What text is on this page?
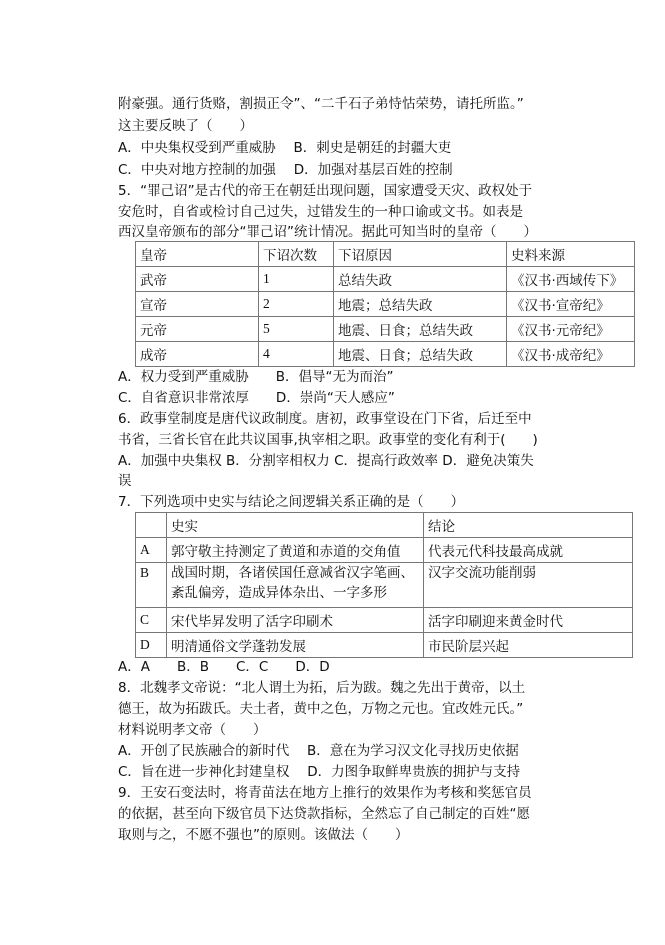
附豪强。通行货赂，割损正令”、“二千石子弟恃怙荣势，请托所监。”
这主要反映了（　　）
A．中央集权受到严重威胁　 B．刺史是朝廷的封疆大吏
C．中央对地方控制的加强　 D．加强对基层百姓的控制
5．“罪己诏”是古代的帝王在朝廷出现问题，国家遭受天灾、政权处于
安危时，自省或检讨自己过失，过错发生的一种口谕或文书。如表是
西汉皇帝颁布的部分“罪己诏”统计情况。据此可知当时的皇帝（　　）
皇帝	下诏次数	下诏原因	史料来源
武帝	1	总结失政	《汉书·西域传下》
宣帝	2	地震；总结失政	《汉书·宣帝纪》
元帝	5	地震、日食；总结失政	《汉书·元帝纪》
成帝	4	地震、日食；总结失政	《汉书·成帝纪》
A．权力受到严重威胁　　B．倡导“无为而治”
C．自省意识非常浓厚　　D．崇尚“天人感应”
6．政事堂制度是唐代议政制度。唐初，政事堂设在门下省，后迁至中
书省，三省长官在此共议国事,执宰相之职。政事堂的变化有利于(　　)
A．加强中央集权 B．分割宰相权力 C．提高行政效率 D．避免决策失
误
7．下列选项中史实与结论之间逻辑关系正确的是（　　）
	史实	结论
A	郭守敬主持测定了黄道和赤道的交角值	代表元代科技最高成就
B	战国时期，各诸侯国任意减省汉字笔画、紊乱偏旁，造成异体杂出、一字多形	汉字交流功能削弱
C	宋代毕昇发明了活字印刷术	活字印刷迎来黄金时代
D	明清通俗文学蓬勃发展	市民阶层兴起
A．A　　B．B　　C．C　　D．D
8．北魏孝文帝说：“北人谓土为拓，后为跋。魏之先出于黄帝，以土
德王，故为拓跋氏。夫土者，黄中之色，万物之元也。宜改姓元氏。”
材料说明孝文帝（　　）
A．开创了民族融合的新时代　 B．意在为学习汉文化寻找历史依据
C．旨在进一步神化封建皇权　 D．力图争取鲜卑贵族的拥护与支持
9．王安石变法时，将青苗法在地方上推行的效果作为考核和奖惩官员
的依据，甚至向下级官员下达贷款指标，全然忘了自己制定的百姓“愿
取则与之，不愿不强也”的原则。该做法（　　）
